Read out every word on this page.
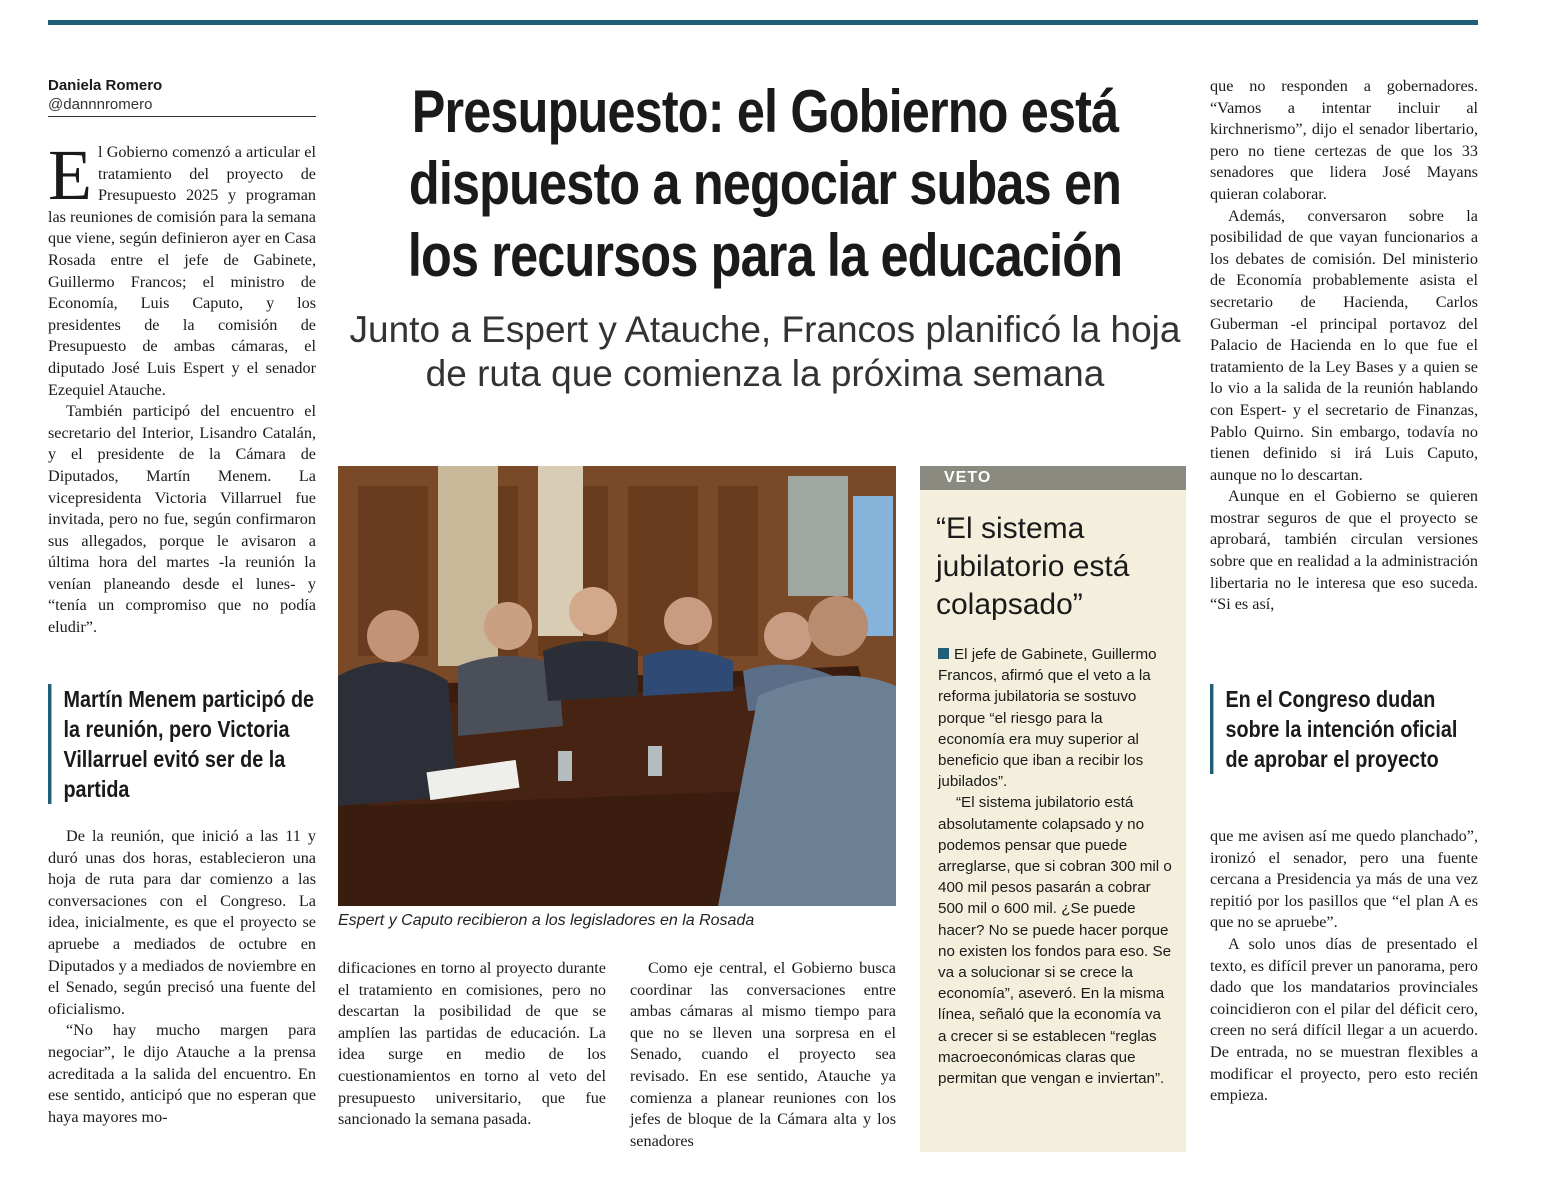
Daniela Romero
@dannnromero	Presupuesto: el Gobierno está dispuesto a negociar subas en los recursos para la educación
Junto a Espert y Atauche, Francos planificó la hoja de ruta que comienza la próxima semana

El Gobierno comenzó a articular el tratamiento del proyecto de Presupuesto 2025 y programan las reuniones de comisión para la semana que viene, según definieron ayer en Casa Rosada entre el jefe de Gabinete, Guillermo Francos; el ministro de Economía, Luis Caputo, y los presidentes de la comisión de Presupuesto de ambas cámaras, el diputado José Luis Espert y el senador Ezequiel Atauche.

También participó del encuentro el secretario del Interior, Lisandro Catalán, y el presidente de la Cámara de Diputados, Martín Menem. La vicepresidenta Victoria Villarruel fue invitada, pero no fue, según confirmaron sus allegados, porque le avisaron a última hora del martes -la reunión la venían planeando desde el lunes- y “tenía un compromiso que no podía eludir”.

Martín Menem participó de la reunión, pero Victoria Villarruel evitó ser de la partida

De la reunión, que inició a las 11 y duró unas dos horas, establecieron una hoja de ruta para dar comienzo a las conversaciones con el Congreso. La idea, inicialmente, es que el proyecto se apruebe a mediados de octubre en Diputados y a mediados de noviembre en el Senado, según precisó una fuente del oficialismo.

“No hay mucho margen para negociar”, le dijo Atauche a la prensa acreditada a la salida del encuentro. En ese sentido, anticipó que no esperan que haya mayores mo-

Espert y Caputo recibieron a los legisladores en la Rosada
VETO
“El sistema jubilatorio está colapsado”

El jefe de Gabinete, Guillermo Francos, afirmó que el veto a la reforma jubilatoria se sostuvo porque “el riesgo para la economía era muy superior al beneficio que iban a recibir los jubilados”.

“El sistema jubilatorio está absolutamente colapsado y no podemos pensar que puede arreglarse, que si cobran 300 mil o 400 mil pesos pasarán a cobrar 500 mil o 600 mil. ¿Se puede hacer? No se puede hacer porque no existen los fondos para eso. Se va a solucionar si se crece la economía”, aseveró. En la misma línea, señaló que la economía va a crecer si se establecen “reglas macroeconómicas claras que permitan que vengan e inviertan”.

dificaciones en torno al proyecto durante el tratamiento en comisiones, pero no descartan la posibilidad de que se amplíen las partidas de educación. La idea surge en medio de los cuestionamientos en torno al veto del presupuesto universitario, que fue sancionado la semana pasada.

Como eje central, el Gobierno busca coordinar las conversaciones entre ambas cámaras al mismo tiempo para que no se lleven una sorpresa en el Senado, cuando el proyecto sea revisado. En ese sentido, Atauche ya comienza a planear reuniones con los jefes de bloque de la Cámara alta y los senadores

que no responden a gobernadores. “Vamos a intentar incluir al kirchnerismo”, dijo el senador libertario, pero no tiene certezas de que los 33 senadores que lidera José Mayans quieran colaborar.

Además, conversaron sobre la posibilidad de que vayan funcionarios a los debates de comisión. Del ministerio de Economía probablemente asista el secretario de Hacienda, Carlos Guberman -el principal portavoz del Palacio de Hacienda en lo que fue el tratamiento de la Ley Bases y a quien se lo vio a la salida de la reunión hablando con Espert- y el secretario de Finanzas, Pablo Quirno. Sin embargo, todavía no tienen definido si irá Luis Caputo, aunque no lo descartan.

Aunque en el Gobierno se quieren mostrar seguros de que el proyecto se aprobará, también circulan versiones sobre que en realidad a la administración libertaria no le interesa que eso suceda. “Si es así,

En el Congreso dudan sobre la intención oficial de aprobar el proyecto

que me avisen así me quedo planchado”, ironizó el senador, pero una fuente cercana a Presidencia ya más de una vez repitió por los pasillos que “el plan A es que no se apruebe”.

A solo unos días de presentado el texto, es difícil prever un panorama, pero dado que los mandatarios provinciales coincidieron con el pilar del déficit cero, creen no será difícil llegar a un acuerdo. De entrada, no se muestran flexibles a modificar el proyecto, pero esto recién empieza.
